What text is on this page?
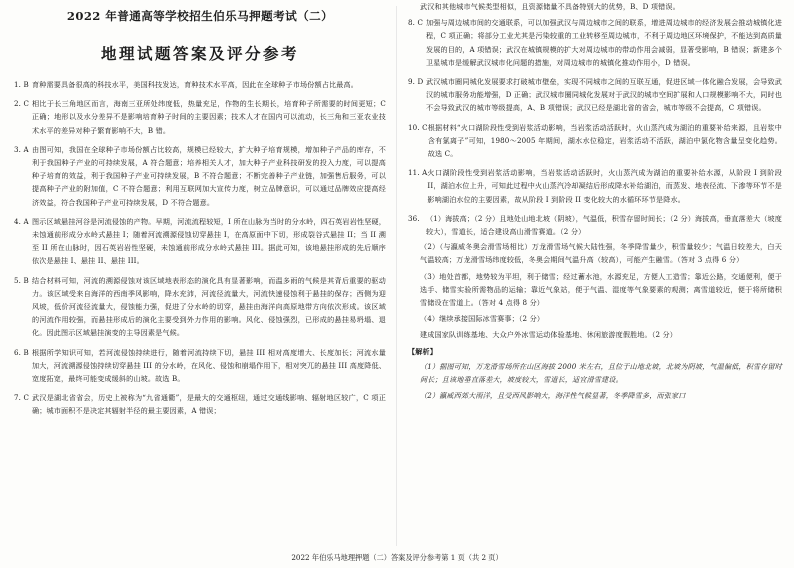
2022 年普通高等学校招生伯乐马押题考试（二）
地理试题答案及评分参考
1. B 育种需要具备很高的科技水平，美国科技发达，育种技术水平高，因此在全球种子市场份额占比最高。
2. C 相比于长三角地区而言，海南三亚所处纬度低，热量充足，作物的生长期长，培育种子所需要的时间更短；C 正确；地形以及水分差异不是影响培育种子时间的主要因素；技术人才在国内可以流动，长三角和三亚农业技术水平的差异对种子繁育影响不大，B 错。
3. A 由图可知，我国在全球种子市场份额占比较高，规模已经较大，扩大种子培育规模，增加种子产品的库存，不利于我国种子产业的可持续发展，A 符合题意；培养相关人才，加大种子产业科技研发的投入力度，可以提高种子培育的效益，利于我国种子产业可持续发展，B 不符合题意；不断完善种子产业链，加强售后服务，可以提高种子产业的附加值，C 不符合题意；利用互联网加大宣传力度，树立品牌意识，可以通过品牌效应提高经济效益，符合我国种子产业可持续发展，D 不符合题意。
4. A 图示区域悬挂河谷是河流侵蚀的产物。早期，河流流程较短，I 所在山脉为当时的分水岭，四石英岩岩性坚硬，未蚀通前形成分水岭式悬挂 I；随着河流溯源侵蚀切穿悬挂 I，在高原面中下切，形成裂谷式悬挂 II；当 II 溯至 II 所在山脉时，因石英岩岩性坚硬，未蚀通前形成分水岭式悬挂 III。据此可知，该地悬挂形成的先后顺序依次是悬挂 I、悬挂 II、悬挂 III。
5. B 结合材料可知，河流的溯源侵蚀对该区域地表形态的演化具有显著影响，而温多雨的气候是其背后重要的驱动力。该区域受来自海洋的西南季风影响，降水充沛，河流径流量大，河流快速侵蚀利于悬挂的保存；西侧为迎风坡，低价河流径流量大，侵蚀能力强，促进了分水岭的切穿，悬挂由海洋向高原地带方向依次形成。该区域的河流作用较强，而悬挂形成后的演化主要受到外力作用的影响。风化、侵蚀强烈，已形成的悬挂易坍塌、退化。因此图示区域悬挂演变的主导因素是气候。
6. B 根据所学知识可知，若河流侵蚀持续进行，随着河流持续下切，悬挂 III 相对高度增大、长度加长；河流水量加大，河流溯源侵蚀持续切穿悬挂 III 的分水岭，在风化、侵蚀和崩塌作用下，相对突兀的悬挂 III 高度降低、宽度拓宽，最终可能变成缓斜的山坡。故选 B。
7. C 武汉是湖北省省会，历史上被称为“九省通衢”，是最大的交通枢纽，通过交通线影响、辐射地区较广，C 项正确；城市面积不是决定其辐射半径的最主要因素，A 错误；
武汉和其他城市气候类型相似，且资源储量不具备特别大的优势，B、D 项错误。
8. C 加强与周边城市间的交通联系，可以加强武汉与周边城市之间的联系，增进周边城市的经济发展会推动城镇化进程，C 项正确；将部分工业尤其是污染较重的工业转移至周边城市，不利于周边地区环境保护，不能达到高质量发展的目的，A 项错误；武汉在城镇规模的扩大对周边城市的带动作用会减弱，显著受影响，B 错误；新建多个卫星城市是缓解武汉城市化问题的措施，对周边城市的城镇化推动作用小，D 错误。
9. D 武汉城市圈同城化发展要求打破城市壁垒，实现不同城市之间的互联互通，促进区域一体化融合发展，会导致武汉的城市服务功能增强，D 正确；武汉城市圈同城化发展对于武汉的城市空间扩展和人口规模影响不大，同时也不会导致武汉的城市等级提高，A、B 项错误；武汉已经是湖北省的省会，城市等级不会提高，C 项错误。
10. C 根据材料“火口湖阶段性受到岩浆活动影响，当岩浆活动活跃时，火山蒸汽成为湖泊的重要补给来源，且岩浆中含有氯离子”可知，1980～2005 年期间，湖水水位稳定，岩浆活动不活跃，湖泊中氯化物含量呈变化趋势。故选 C。
11. A 火口湖阶段性受到岩浆活动影响，当岩浆活动活跃时，火山蒸汽成为湖泊的重要补给水源，从阶段 I 到阶段 II，湖泊水位上升，可知此过程中火山蒸汽冷却凝结后形成降水补给湖泊，而蒸发、地表径流、下渗等环节不是影响湖泊水位的主要因素，故从阶段 I 到阶段 II 变化较大的水循环环节是降水。
36. （1）海拔高；（2 分）且地处山地北坡（阴坡），气温低，积雪存留时间长；（2 分）海拔高，垂直落差大（坡度较大），雪道长，适合建设高山滑雪赛道。（2 分）
（2）（与瀛威冬奥会滑雪场相比）万龙滑雪场气候大陆性强，冬季降雪量少，积雪量较少；气温日较差大，白天气温较高；万龙滑雪场纬度较低，冬奥会期间气温升高（较高），可能产生融雪。（答对 3 点得 6 分）
（3）地处首都，地势较为平坦，利于储雪；经过蓄水池，水源充足，方便人工造雪；靠近公路，交通便利，便于选手、储雪实验所需物品的运输；靠近气象站，便于气温、湿度等气象要素的观测；离雪道较近，便于将所储积雪储设在雪道上。（答对 4 点得 8 分）
（4）继续承接国际冰雪赛事；（2 分）
建成国家队训练基地、大众户外冰雪运动体验基地、休闲旅游度假胜地。（2 分）
【解析】
（1）据图可知，万龙滑雪场所在山区海拔 2000 米左右，且位于山地北坡，北坡为阴坡，气温偏低，积雪存留时间长；且该地垂直落差大，坡度较大，雪道长，适宜滑雪建设。
（2）瀛威西郊大雨洋，且受西风影响大，海洋性气候显著，冬季降雪多，而张家口
2022 年伯乐马地理押题（二）答案及评分参考第 1 页（共 2 页）
